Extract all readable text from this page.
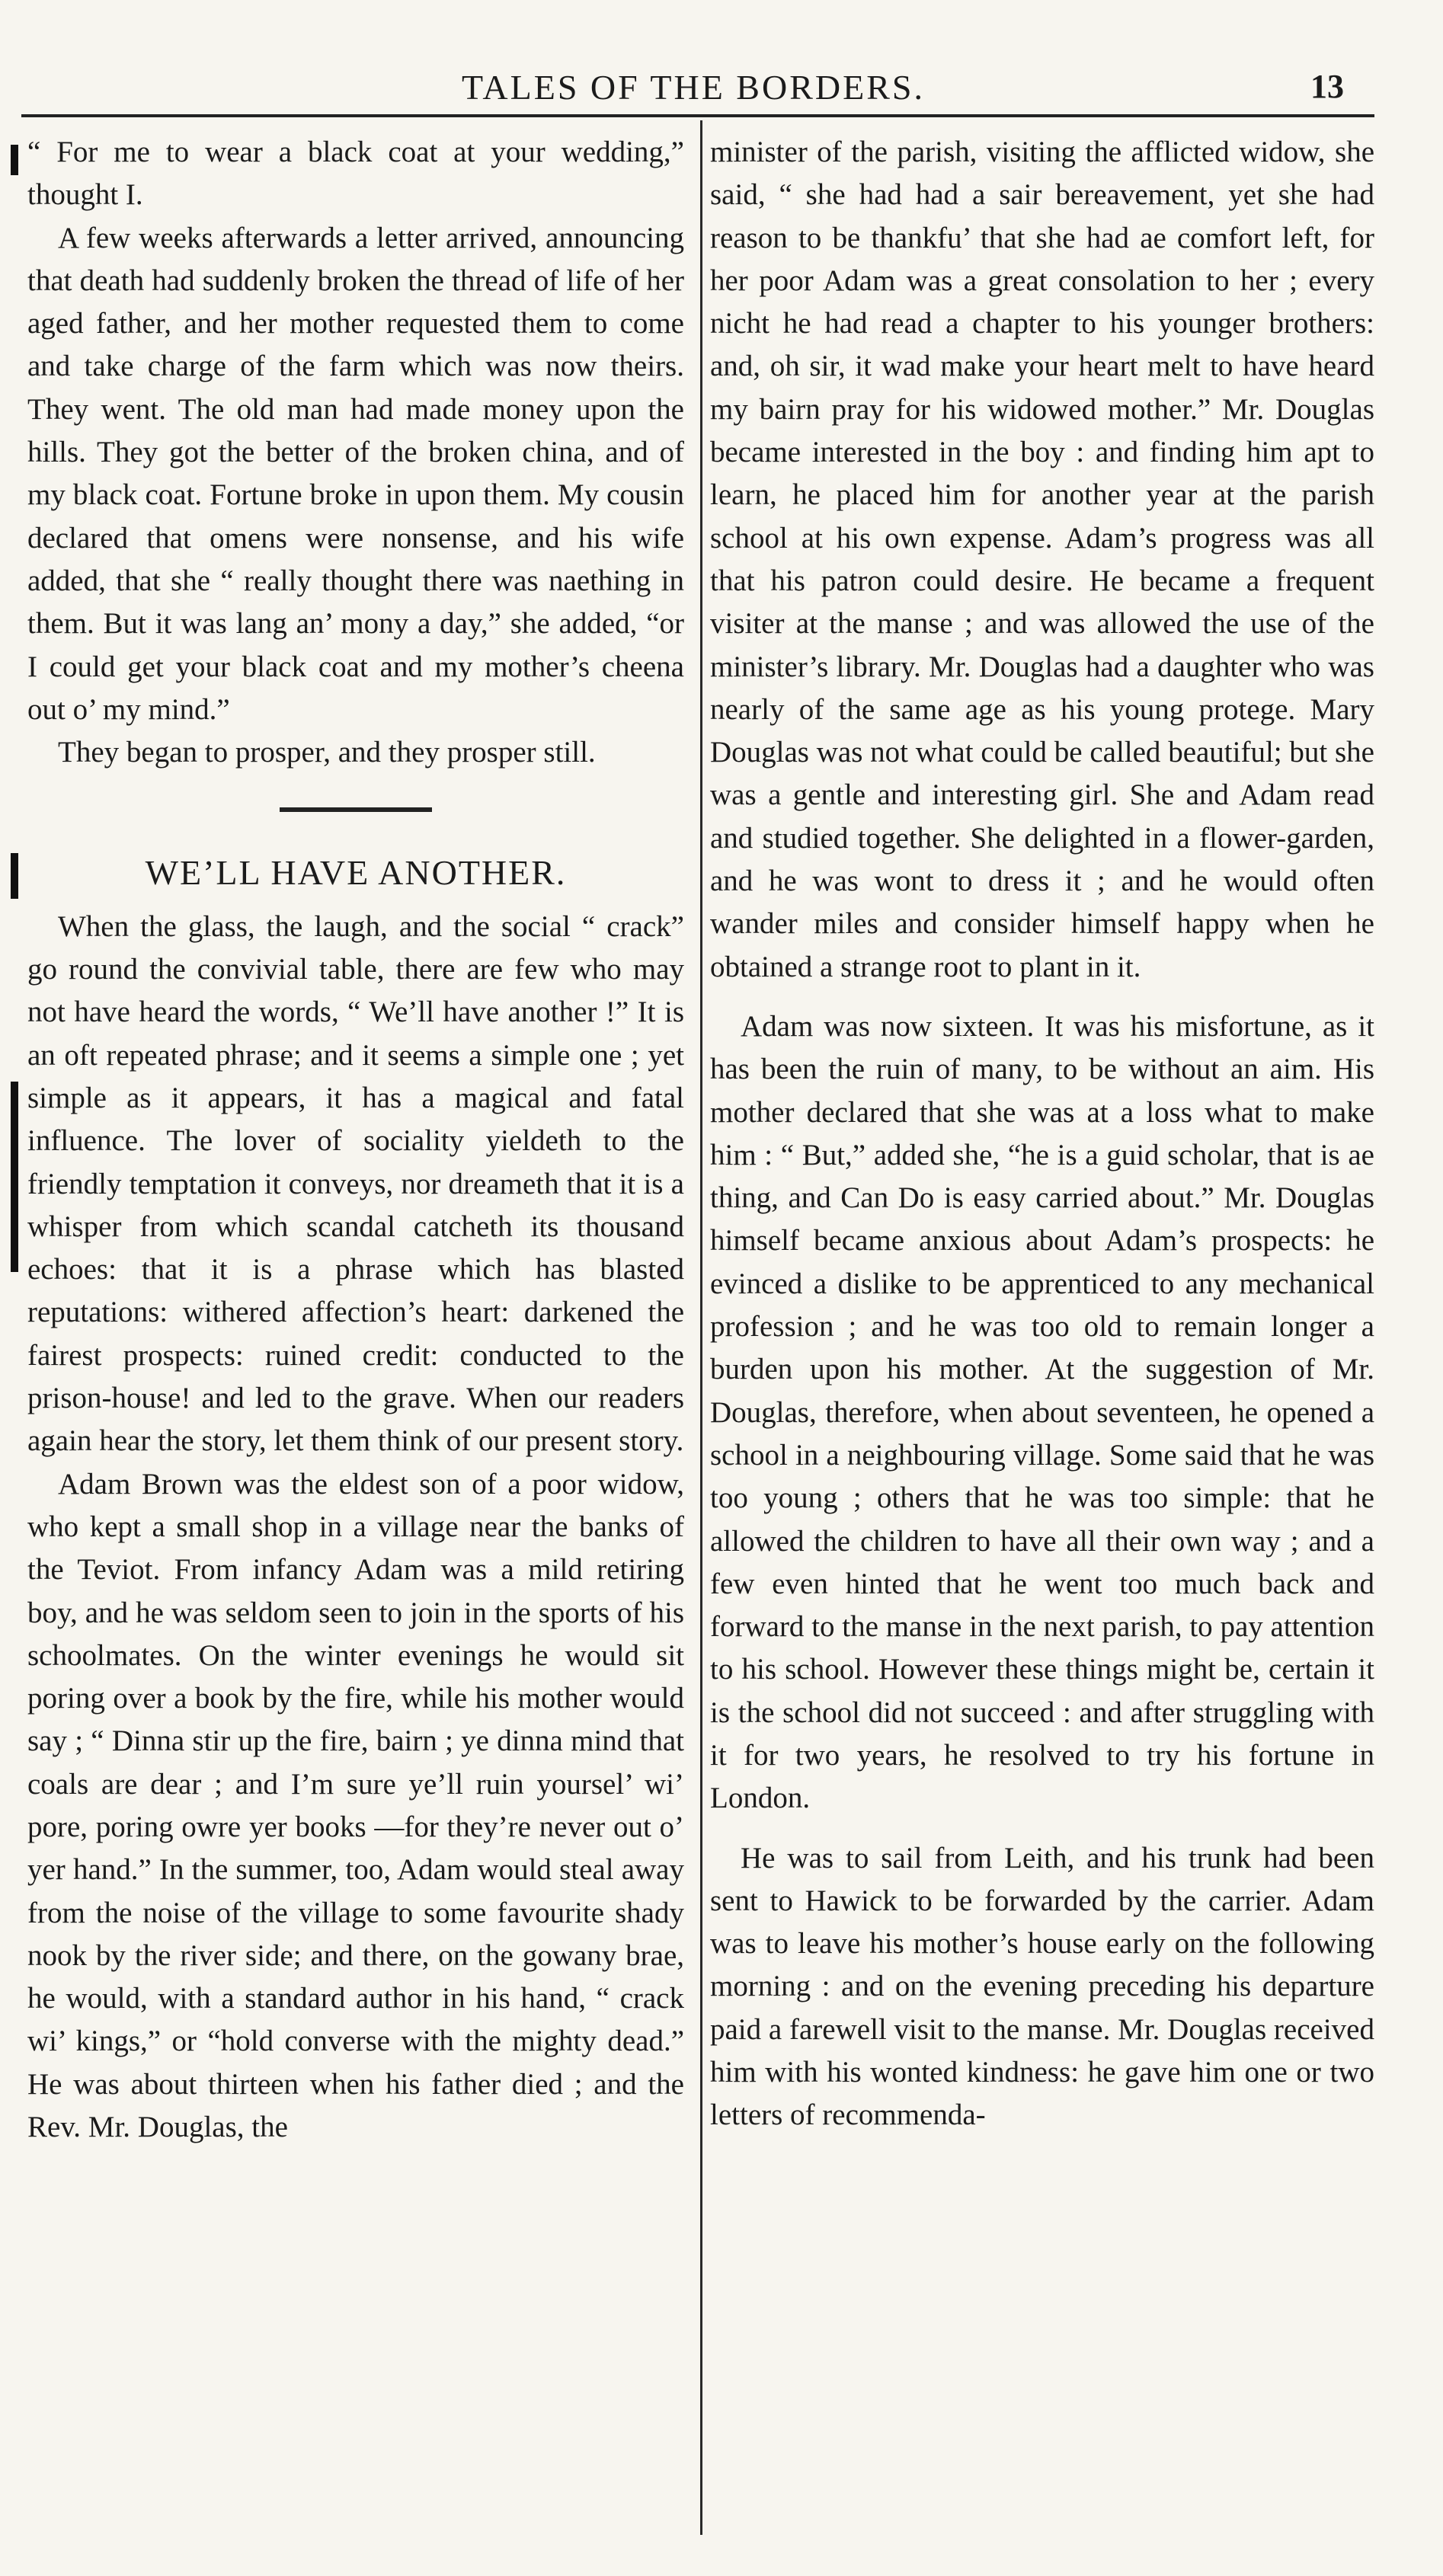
TALES OF THE BORDERS.	13

“ For me to wear a black coat at your wedding,” thought I.

A few weeks afterwards a letter arrived, announcing that death had suddenly broken the thread of life of her aged father, and her mother requested them to come and take charge of the farm which was now theirs. They went. The old man had made money upon the hills. They got the better of the broken china, and of my black coat. Fortune broke in upon them. My cousin declared that omens were nonsense, and his wife added, that she “ really thought there was naething in them. But it was lang an’ mony a day,” she added, “or I could get your black coat and my mother’s cheena out o’ my mind.”

They began to prosper, and they prosper still.

WE’LL HAVE ANOTHER.

When the glass, the laugh, and the social “ crack” go round the convivial table, there are few who may not have heard the words, “ We’ll have another !” It is an oft repeated phrase; and it seems a simple one ; yet simple as it appears, it has a magical and fatal influence. The lover of sociality yieldeth to the friendly temptation it conveys, nor dreameth that it is a whisper from which scandal catcheth its thousand echoes: that it is a phrase which has blasted reputations: withered affection’s heart: darkened the fairest prospects: ruined credit: conducted to the prison-house! and led to the grave. When our readers again hear the story, let them think of our present story.

Adam Brown was the eldest son of a poor widow, who kept a small shop in a village near the banks of the Teviot. From infancy Adam was a mild retiring boy, and he was seldom seen to join in the sports of his schoolmates. On the winter evenings he would sit poring over a book by the fire, while his mother would say ; “ Dinna stir up the fire, bairn ; ye dinna mind that coals are dear ; and I’m sure ye’ll ruin yoursel’ wi’ pore, poring owre yer books —for they’re never out o’ yer hand.” In the summer, too, Adam would steal away from the noise of the village to some favourite shady nook by the river side; and there, on the gowany brae, he would, with a standard author in his hand, “ crack wi’ kings,” or “hold converse with the mighty dead.” He was about thirteen when his father died ; and the Rev. Mr. Douglas, the

minister of the parish, visiting the afflicted widow, she said, “ she had had a sair bereavement, yet she had reason to be thankfu’ that she had ae comfort left, for her poor Adam was a great consolation to her ; every nicht he had read a chapter to his younger brothers: and, oh sir, it wad make your heart melt to have heard my bairn pray for his widowed mother.” Mr. Douglas became interested in the boy : and finding him apt to learn, he placed him for another year at the parish school at his own expense. Adam’s progress was all that his patron could desire. He became a frequent visiter at the manse ; and was allowed the use of the minister’s library. Mr. Douglas had a daughter who was nearly of the same age as his young protege. Mary Douglas was not what could be called beautiful; but she was a gentle and interesting girl. She and Adam read and studied together. She delighted in a flower-garden, and he was wont to dress it ; and he would often wander miles and consider himself happy when he obtained a strange root to plant in it.

Adam was now sixteen. It was his misfortune, as it has been the ruin of many, to be without an aim. His mother declared that she was at a loss what to make him : “ But,” added she, “he is a guid scholar, that is ae thing, and Can Do is easy carried about.” Mr. Douglas himself became anxious about Adam’s prospects: he evinced a dislike to be apprenticed to any mechanical profession ; and he was too old to remain longer a burden upon his mother. At the suggestion of Mr. Douglas, therefore, when about seventeen, he opened a school in a neighbouring village. Some said that he was too young ; others that he was too simple: that he allowed the children to have all their own way ; and a few even hinted that he went too much back and forward to the manse in the next parish, to pay attention to his school. However these things might be, certain it is the school did not succeed : and after struggling with it for two years, he resolved to try his fortune in London.

He was to sail from Leith, and his trunk had been sent to Hawick to be forwarded by the carrier. Adam was to leave his mother’s house early on the following morning : and on the evening preceding his departure paid a farewell visit to the manse. Mr. Douglas received him with his wonted kindness: he gave him one or two letters of recommenda-
